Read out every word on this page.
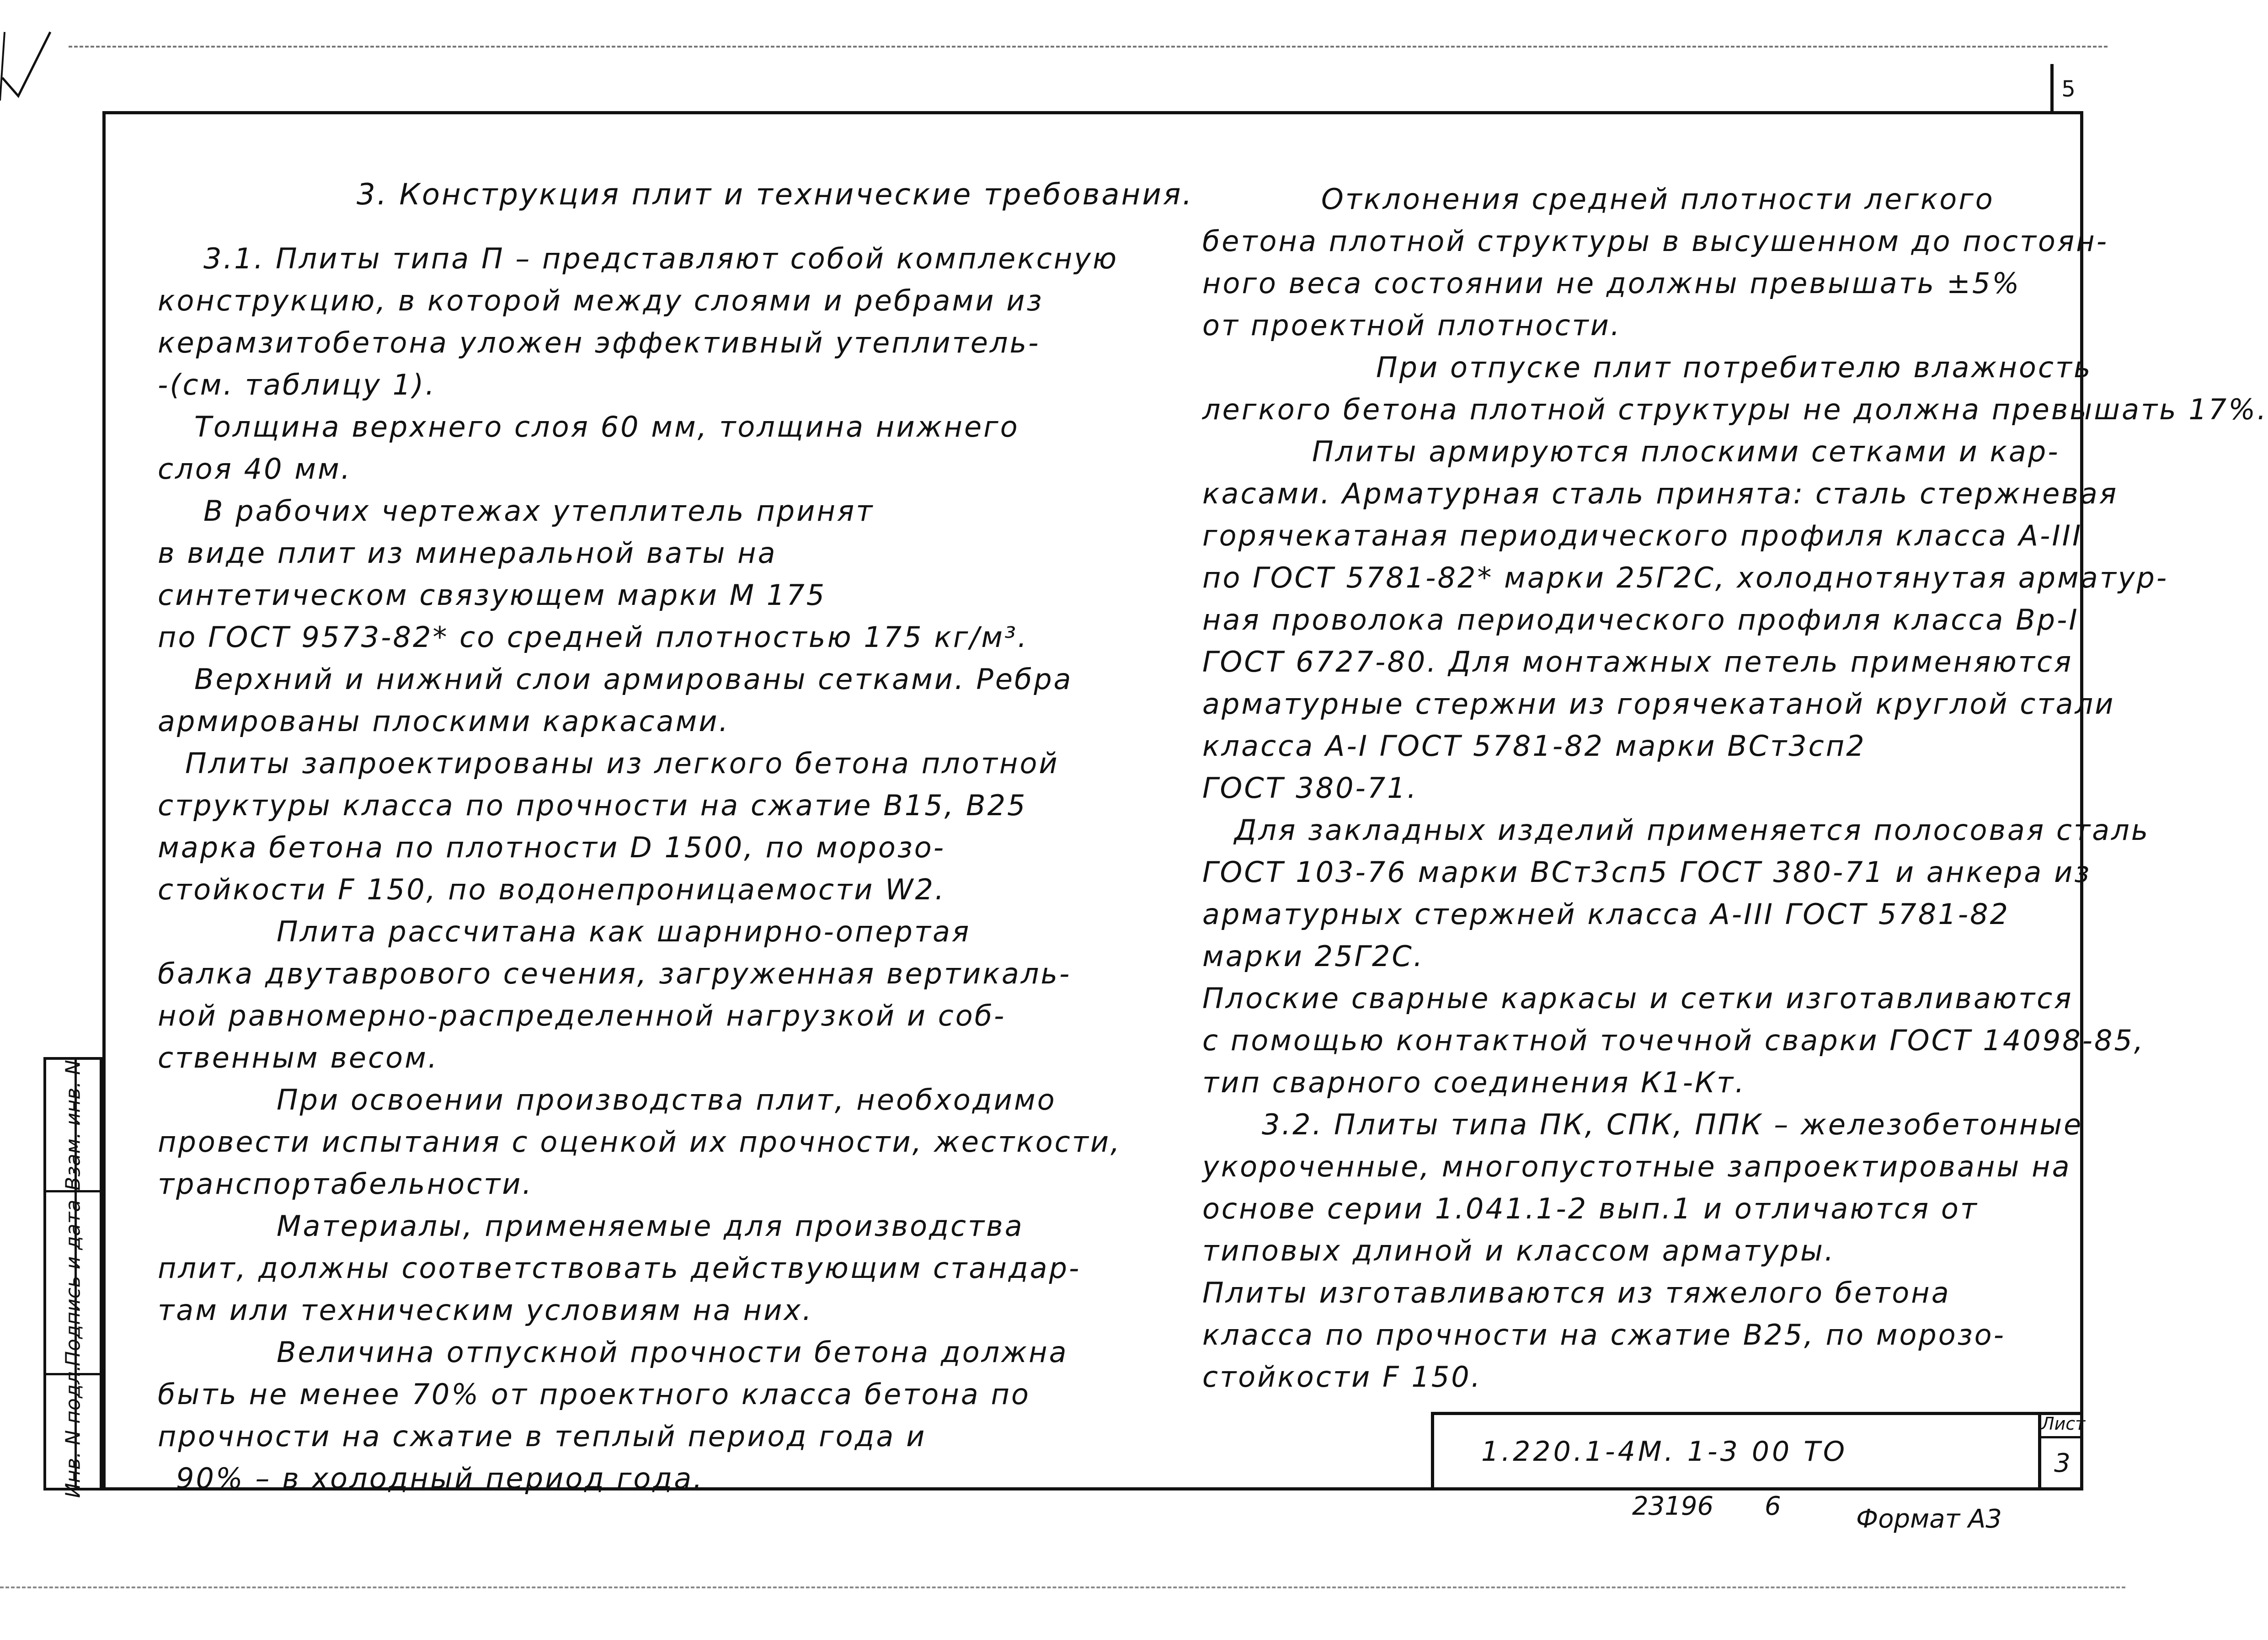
5

3. Конструкция плит и технические требования.

3.1. Плиты типа П – представляют собой комплексную

конструкцию, в которой между слоями и ребрами из

керамзитобетона уложен эффективный утеплитель-

-(см. таблицу 1).

Толщина верхнего слоя 60 мм, толщина нижнего

слоя 40 мм.

В рабочих чертежах утеплитель принят

в виде плит из минеральной ваты на

синтетическом связующем марки М 175

по ГОСТ 9573-82* со средней плотностью 175 кг/м³.

Верхний и нижний слои армированы сетками. Ребра

армированы плоскими каркасами.

Плиты запроектированы из легкого бетона плотной

структуры класса по прочности на сжатие В15, В25

марка бетона по плотности D 1500, по морозо-

стойкости F 150, по водонепроницаемости W2.

Плита рассчитана как шарнирно-опертая

балка двутаврового сечения, загруженная вертикаль-

ной равномерно-распределенной нагрузкой и соб-

ственным весом.

При освоении производства плит, необходимо

провести испытания с оценкой их прочности, жесткости,

транспортабельности.

Материалы, применяемые для производства

плит, должны соответствовать действующим стандар-

там или техническим условиям на них.

Величина отпускной прочности бетона должна

быть не менее 70% от проектного класса бетона по

прочности на сжатие в теплый период года и

90% – в холодный период года.

Отклонения средней плотности легкого

бетона плотной структуры в высушенном до постоян-

ного веса состоянии не должны превышать ±5%

от проектной плотности.

При отпуске плит потребителю влажность

легкого бетона плотной структуры не должна превышать 17%.

Плиты армируются плоскими сетками и кар-

касами. Арматурная сталь принята: сталь стержневая

горячекатаная периодического профиля класса А-III

по ГОСТ 5781-82* марки 25Г2С, холоднотянутая арматур-

ная проволока периодического профиля класса Вр-I

ГОСТ 6727-80. Для монтажных петель применяются

арматурные стержни из горячекатаной круглой стали

класса А-I ГОСТ 5781-82 марки ВСт3сп2

ГОСТ 380-71.

Для закладных изделий применяется полосовая сталь

ГОСТ 103-76 марки ВСт3сп5 ГОСТ 380-71 и анкера из

арматурных стержней класса А-III ГОСТ 5781-82

марки 25Г2С.

Плоские сварные каркасы и сетки изготавливаются

с помощью контактной точечной сварки ГОСТ 14098-85,

тип сварного соединения К1-Кт.

3.2. Плиты типа ПК, СПК, ППК – железобетонные

укороченные, многопустотные запроектированы на

основе серии 1.041.1-2 вып.1 и отличаются от

типовых длиной и классом арматуры.

Плиты изготавливаются из тяжелого бетона

класса по прочности на сжатие В25, по морозо-

стойкости F 150.

1.220.1-4М. 1-3 00 ТО
Лист
3
23196 6	Формат А3
Взам. инв. N
Подпись и дата
Инв. N подл.
